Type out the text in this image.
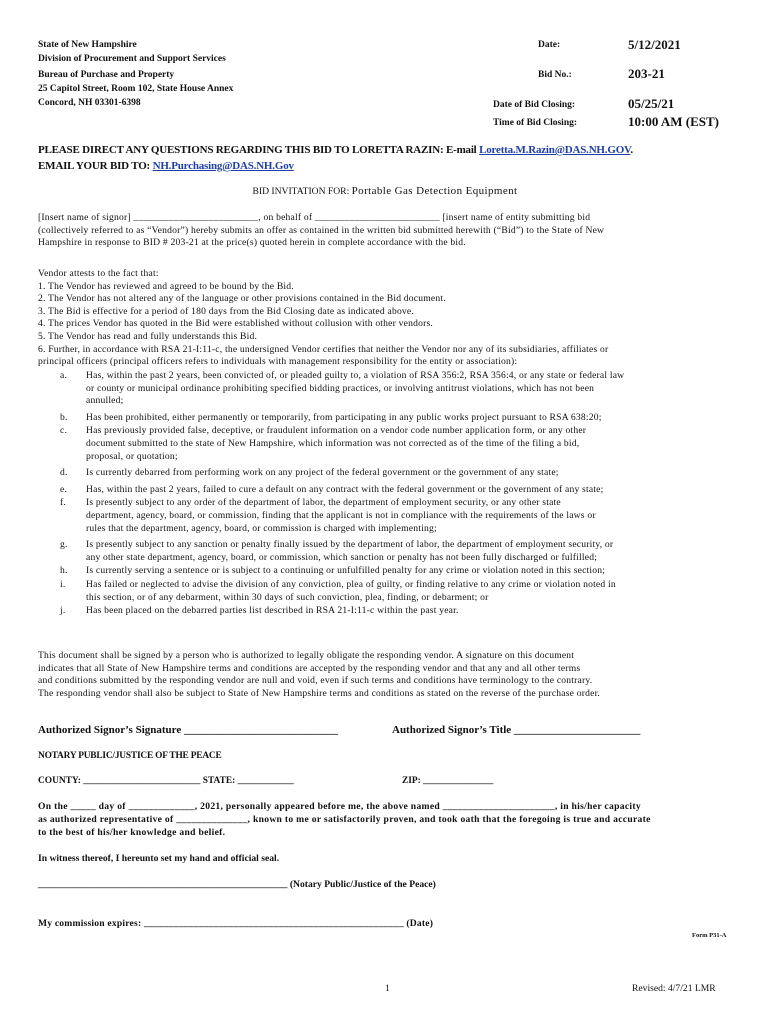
State of New Hampshire
Division of Procurement and Support Services
Bureau of Purchase and Property
25 Capitol Street, Room 102, State House Annex
Concord, NH 03301-6398
Date:	5/12/2021
Bid No.:	203-21
Date of Bid Closing:	05/25/21
Time of Bid Closing:	10:00 AM (EST)
PLEASE DIRECT ANY QUESTIONS REGARDING THIS BID TO LORETTA RAZIN: E-mail Loretta.M.Razin@DAS.NH.GOV.
EMAIL YOUR BID TO: NH.Purchasing@DAS.NH.Gov
BID INVITATION FOR: Portable Gas Detection Equipment
[Insert name of signor] _________________________, on behalf of _________________________ [insert name of entity submitting bid
(collectively referred to as “Vendor”) hereby submits an offer as contained in the written bid submitted herewith (“Bid”) to the State of New
Hampshire in response to BID # 203-21 at the price(s) quoted herein in complete accordance with the bid.
Vendor attests to the fact that:
1. The Vendor has reviewed and agreed to be bound by the Bid.
2. The Vendor has not altered any of the language or other provisions contained in the Bid document.
3. The Bid is effective for a period of 180 days from the Bid Closing date as indicated above.
4. The prices Vendor has quoted in the Bid were established without collusion with other vendors.
5. The Vendor has read and fully understands this Bid.
6. Further, in accordance with RSA 21-I:11-c, the undersigned Vendor certifies that neither the Vendor nor any of its subsidiaries, affiliates or
principal officers (principal officers refers to individuals with management responsibility for the entity or association):
a.	Has, within the past 2 years, been convicted of, or pleaded guilty to, a violation of RSA 356:2, RSA 356:4, or any state or federal law
or county or municipal ordinance prohibiting specified bidding practices, or involving antitrust violations, which has not been
annulled;
b.	Has been prohibited, either permanently or temporarily, from participating in any public works project pursuant to RSA 638:20;
c.	Has previously provided false, deceptive, or fraudulent information on a vendor code number application form, or any other
document submitted to the state of New Hampshire, which information was not corrected as of the time of the filing a bid,
proposal, or quotation;
d.	Is currently debarred from performing work on any project of the federal government or the government of any state;
e.	Has, within the past 2 years, failed to cure a default on any contract with the federal government or the government of any state;
f.	Is presently subject to any order of the department of labor, the department of employment security, or any other state
department, agency, board, or commission, finding that the applicant is not in compliance with the requirements of the laws or
rules that the department, agency, board, or commission is charged with implementing;
g.	Is presently subject to any sanction or penalty finally issued by the department of labor, the department of employment security, or
any other state department, agency, board, or commission, which sanction or penalty has not been fully discharged or fulfilled;
h.	Is currently serving a sentence or is subject to a continuing or unfulfilled penalty for any crime or violation noted in this section;
i.	Has failed or neglected to advise the division of any conviction, plea of guilty, or finding relative to any crime or violation noted in
this section, or of any debarment, within 30 days of such conviction, plea, finding, or debarment; or
j.	Has been placed on the debarred parties list described in RSA 21-I:11-c within the past year.
This document shall be signed by a person who is authorized to legally obligate the responding vendor. A signature on this document
indicates that all State of New Hampshire terms and conditions are accepted by the responding vendor and that any and all other terms
and conditions submitted by the responding vendor are null and void, even if such terms and conditions have terminology to the contrary.
The responding vendor shall also be subject to State of New Hampshire terms and conditions as stated on the reverse of the purchase order.
Authorized Signor’s Signature ____________________________	Authorized Signor’s Title _______________________
NOTARY PUBLIC/JUSTICE OF THE PEACE
COUNTY: _________________________ STATE: ____________	ZIP: _______________
On the _____ day of _____________, 2021, personally appeared before me, the above named ______________________, in his/her capacity
as authorized representative of ______________, known to me or satisfactorily proven, and took oath that the foregoing is true and accurate
to the best of his/her knowledge and belief.
In witness thereof, I hereunto set my hand and official seal.
____________________________________________________ (Notary Public/Justice of the Peace)
My commission expires: ____________________________________________________ (Date)
Form P31-A
1	Revised: 4/7/21 LMR
